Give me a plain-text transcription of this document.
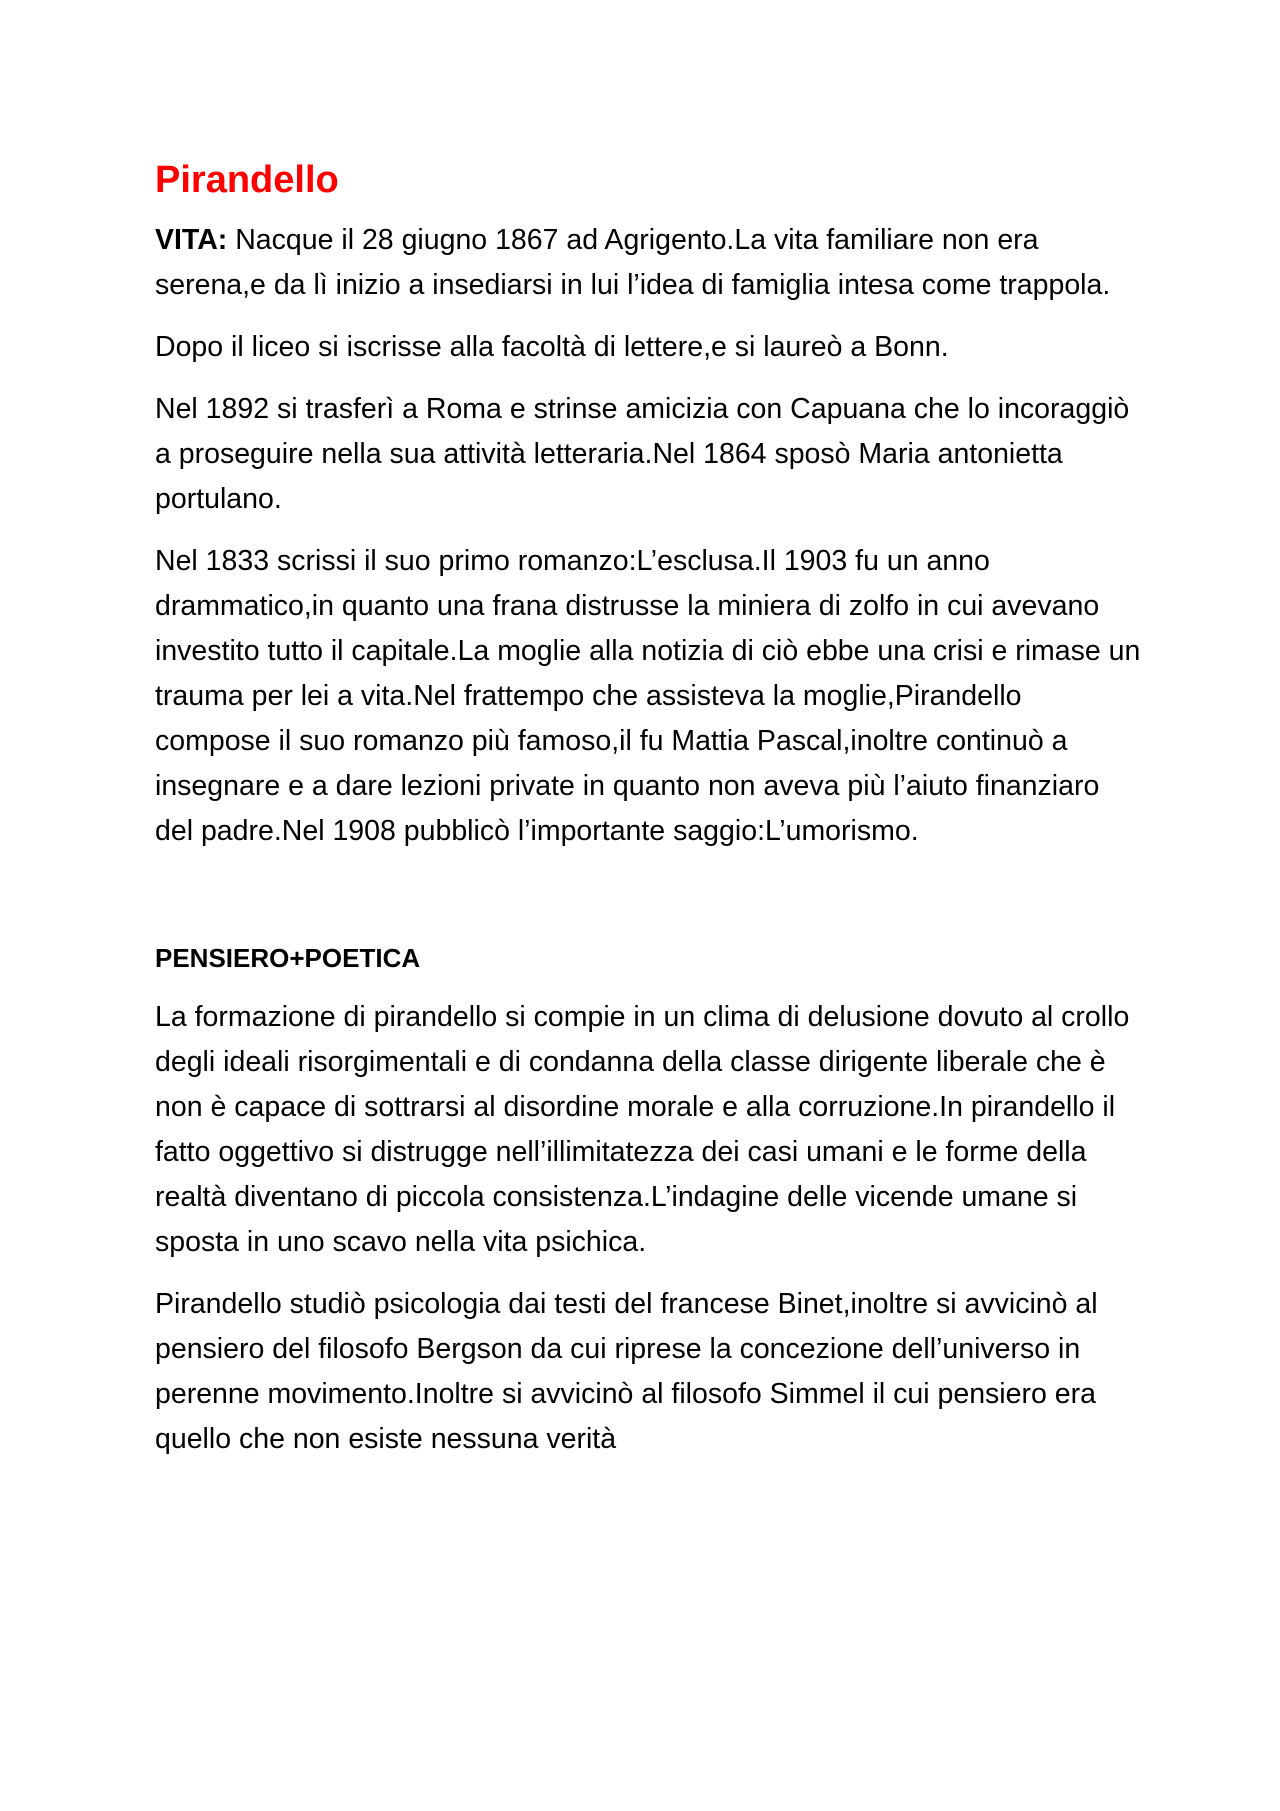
Pirandello

VITA: Nacque il 28 giugno 1867 ad Agrigento.La vita familiare non era serena,e da lì inizio a insediarsi in lui l’idea di famiglia intesa come trappola.

Dopo il liceo si iscrisse alla facoltà di lettere,e si laureò a Bonn.

Nel 1892 si trasferì a Roma e strinse amicizia con Capuana che lo incoraggiò a proseguire nella sua attività letteraria.Nel 1864 sposò Maria antonietta portulano.

Nel 1833 scrissi il suo primo romanzo:L’esclusa.Il 1903 fu un anno drammatico,in quanto una frana distrusse la miniera di zolfo in cui avevano investito tutto il capitale.La moglie alla notizia di ciò ebbe una crisi e rimase un trauma per lei a vita.Nel frattempo che assisteva la moglie,Pirandello compose il suo romanzo più famoso,il fu Mattia Pascal,inoltre continuò a insegnare e a dare lezioni private in quanto non aveva più l’aiuto finanziaro del padre.Nel 1908 pubblicò l’importante saggio:L’umorismo.

PENSIERO+POETICA

La formazione di pirandello si compie in un clima di delusione dovuto al crollo degli ideali risorgimentali e di condanna della classe dirigente liberale che è non è capace di sottrarsi al disordine morale e alla corruzione.In pirandello il fatto oggettivo si distrugge nell’illimitatezza dei casi umani e le forme della realtà diventano di piccola consistenza.L’indagine delle vicende umane si sposta in uno scavo nella vita psichica.

Pirandello studiò psicologia dai testi del francese Binet,inoltre si avvicinò al pensiero del filosofo Bergson da cui riprese la concezione dell’universo in perenne movimento.Inoltre si avvicinò al filosofo Simmel il cui pensiero era quello che non esiste nessuna verità
